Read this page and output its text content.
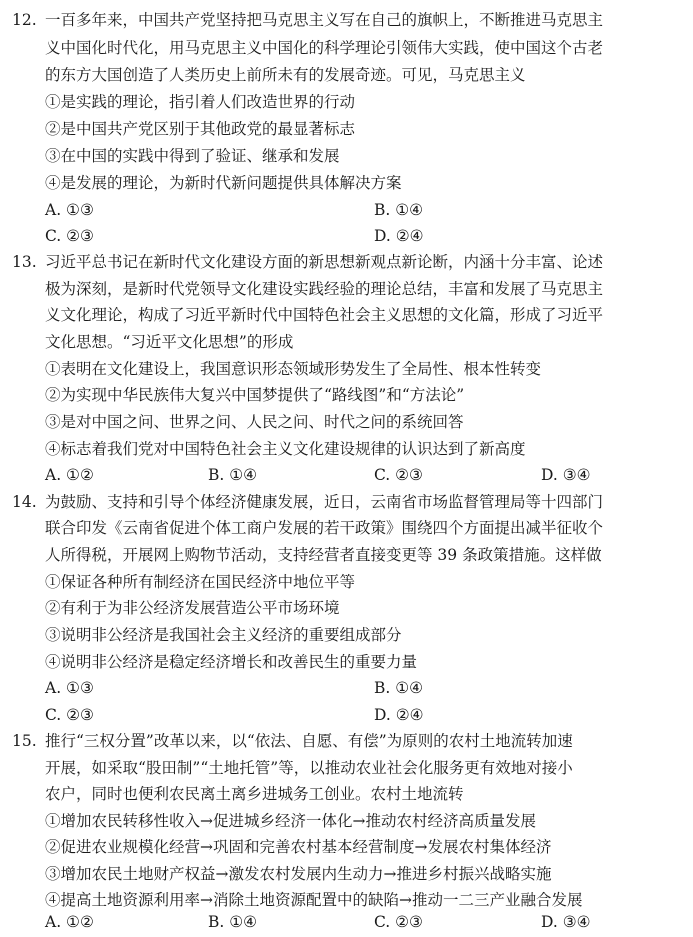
12. 一百多年来，中国共产党坚持把马克思主义写在自己的旗帜上，不断推进马克思主
义中国化时代化，用马克思主义中国化的科学理论引领伟大实践，使中国这个古老
的东方大国创造了人类历史上前所未有的发展奇迹。可见，马克思主义
①是实践的理论，指引着人们改造世界的行动
②是中国共产党区别于其他政党的最显著标志
③在中国的实践中得到了验证、继承和发展
④是发展的理论，为新时代新问题提供具体解决方案
A. ①③	B. ①④
C. ②③	D. ②④
13. 习近平总书记在新时代文化建设方面的新思想新观点新论断，内涵十分丰富、论述
极为深刻，是新时代党领导文化建设实践经验的理论总结，丰富和发展了马克思主
义文化理论，构成了习近平新时代中国特色社会主义思想的文化篇，形成了习近平
文化思想。“习近平文化思想”的形成
①表明在文化建设上，我国意识形态领域形势发生了全局性、根本性转变
②为实现中华民族伟大复兴中国梦提供了“路线图”和“方法论”
③是对中国之问、世界之问、人民之问、时代之问的系统回答
④标志着我们党对中国特色社会主义文化建设规律的认识达到了新高度
A. ①②	B. ①④	C. ②③	D. ③④
14. 为鼓励、支持和引导个体经济健康发展，近日，云南省市场监督管理局等十四部门
联合印发《云南省促进个体工商户发展的若干政策》围绕四个方面提出减半征收个
人所得税，开展网上购物节活动，支持经营者直接变更等 39 条政策措施。这样做
①保证各种所有制经济在国民经济中地位平等
②有利于为非公经济发展营造公平市场环境
③说明非公经济是我国社会主义经济的重要组成部分
④说明非公经济是稳定经济增长和改善民生的重要力量
A. ①③	B. ①④
C. ②③	D. ②④
15. 推行“三权分置”改革以来，以“依法、自愿、有偿”为原则的农村土地流转加速
开展，如采取“股田制”“土地托管”等，以推动农业社会化服务更有效地对接小
农户，同时也便利农民离土离乡进城务工创业。农村土地流转
①增加农民转移性收入→促进城乡经济一体化→推动农村经济高质量发展
②促进农业规模化经营→巩固和完善农村基本经营制度→发展农村集体经济
③增加农民土地财产权益→激发农村发展内生动力→推进乡村振兴战略实施
④提高土地资源利用率→消除土地资源配置中的缺陷→推动一二三产业融合发展
A. ①②	B. ①④	C. ②③	D. ③④
